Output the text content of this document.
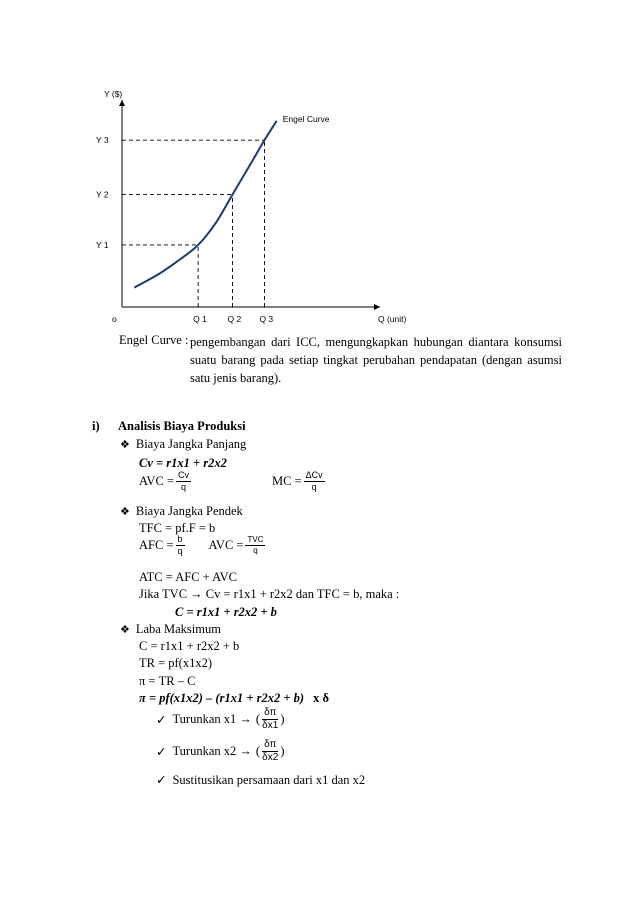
o	Q (unit)
Y ($)
Q 1 Q 2 Q 3
Y 1
Y 2
Y 3
Engel Curve
Engel Curve : pengembangan dari ICC, mengungkapkan hubungan diantara konsumsi suatu barang pada setiap tingkat perubahan pendapatan (dengan asumsi satu jenis barang).
i) Analisis Biaya Produksi
❖ Biaya Jangka Panjang
Cv = r1x1 + r2x2
AVC = $\frac{Cv}{q}$	MC = $\frac{\text{ΔCv}}{q}$
❖ Biaya Jangka Pendek
TFC = pf.F = b
AFC = $\frac{b}{q}$ AVC = $\frac{\text{TVC}}{q}$
ATC = AFC + AVC
Jika TVC → Cv = r1x1 + r2x2 dan TFC = b, maka :
C = r1x1 + r2x2 + b
❖ Laba Maksimum
C = r1x1 + r2x2 + b
TR = pf(x1x2)
π = TR – C
π = pf(x1x2) – (r1x1 + r2x2 + b) x δ
✓ Turunkan x1 → ( $\frac{\delta\pi}{\delta x1}$ )
✓ Turunkan x2 → ( $\frac{\delta\pi}{\delta x2}$ )
✓ Sustitusikan persamaan dari x1 dan x2
